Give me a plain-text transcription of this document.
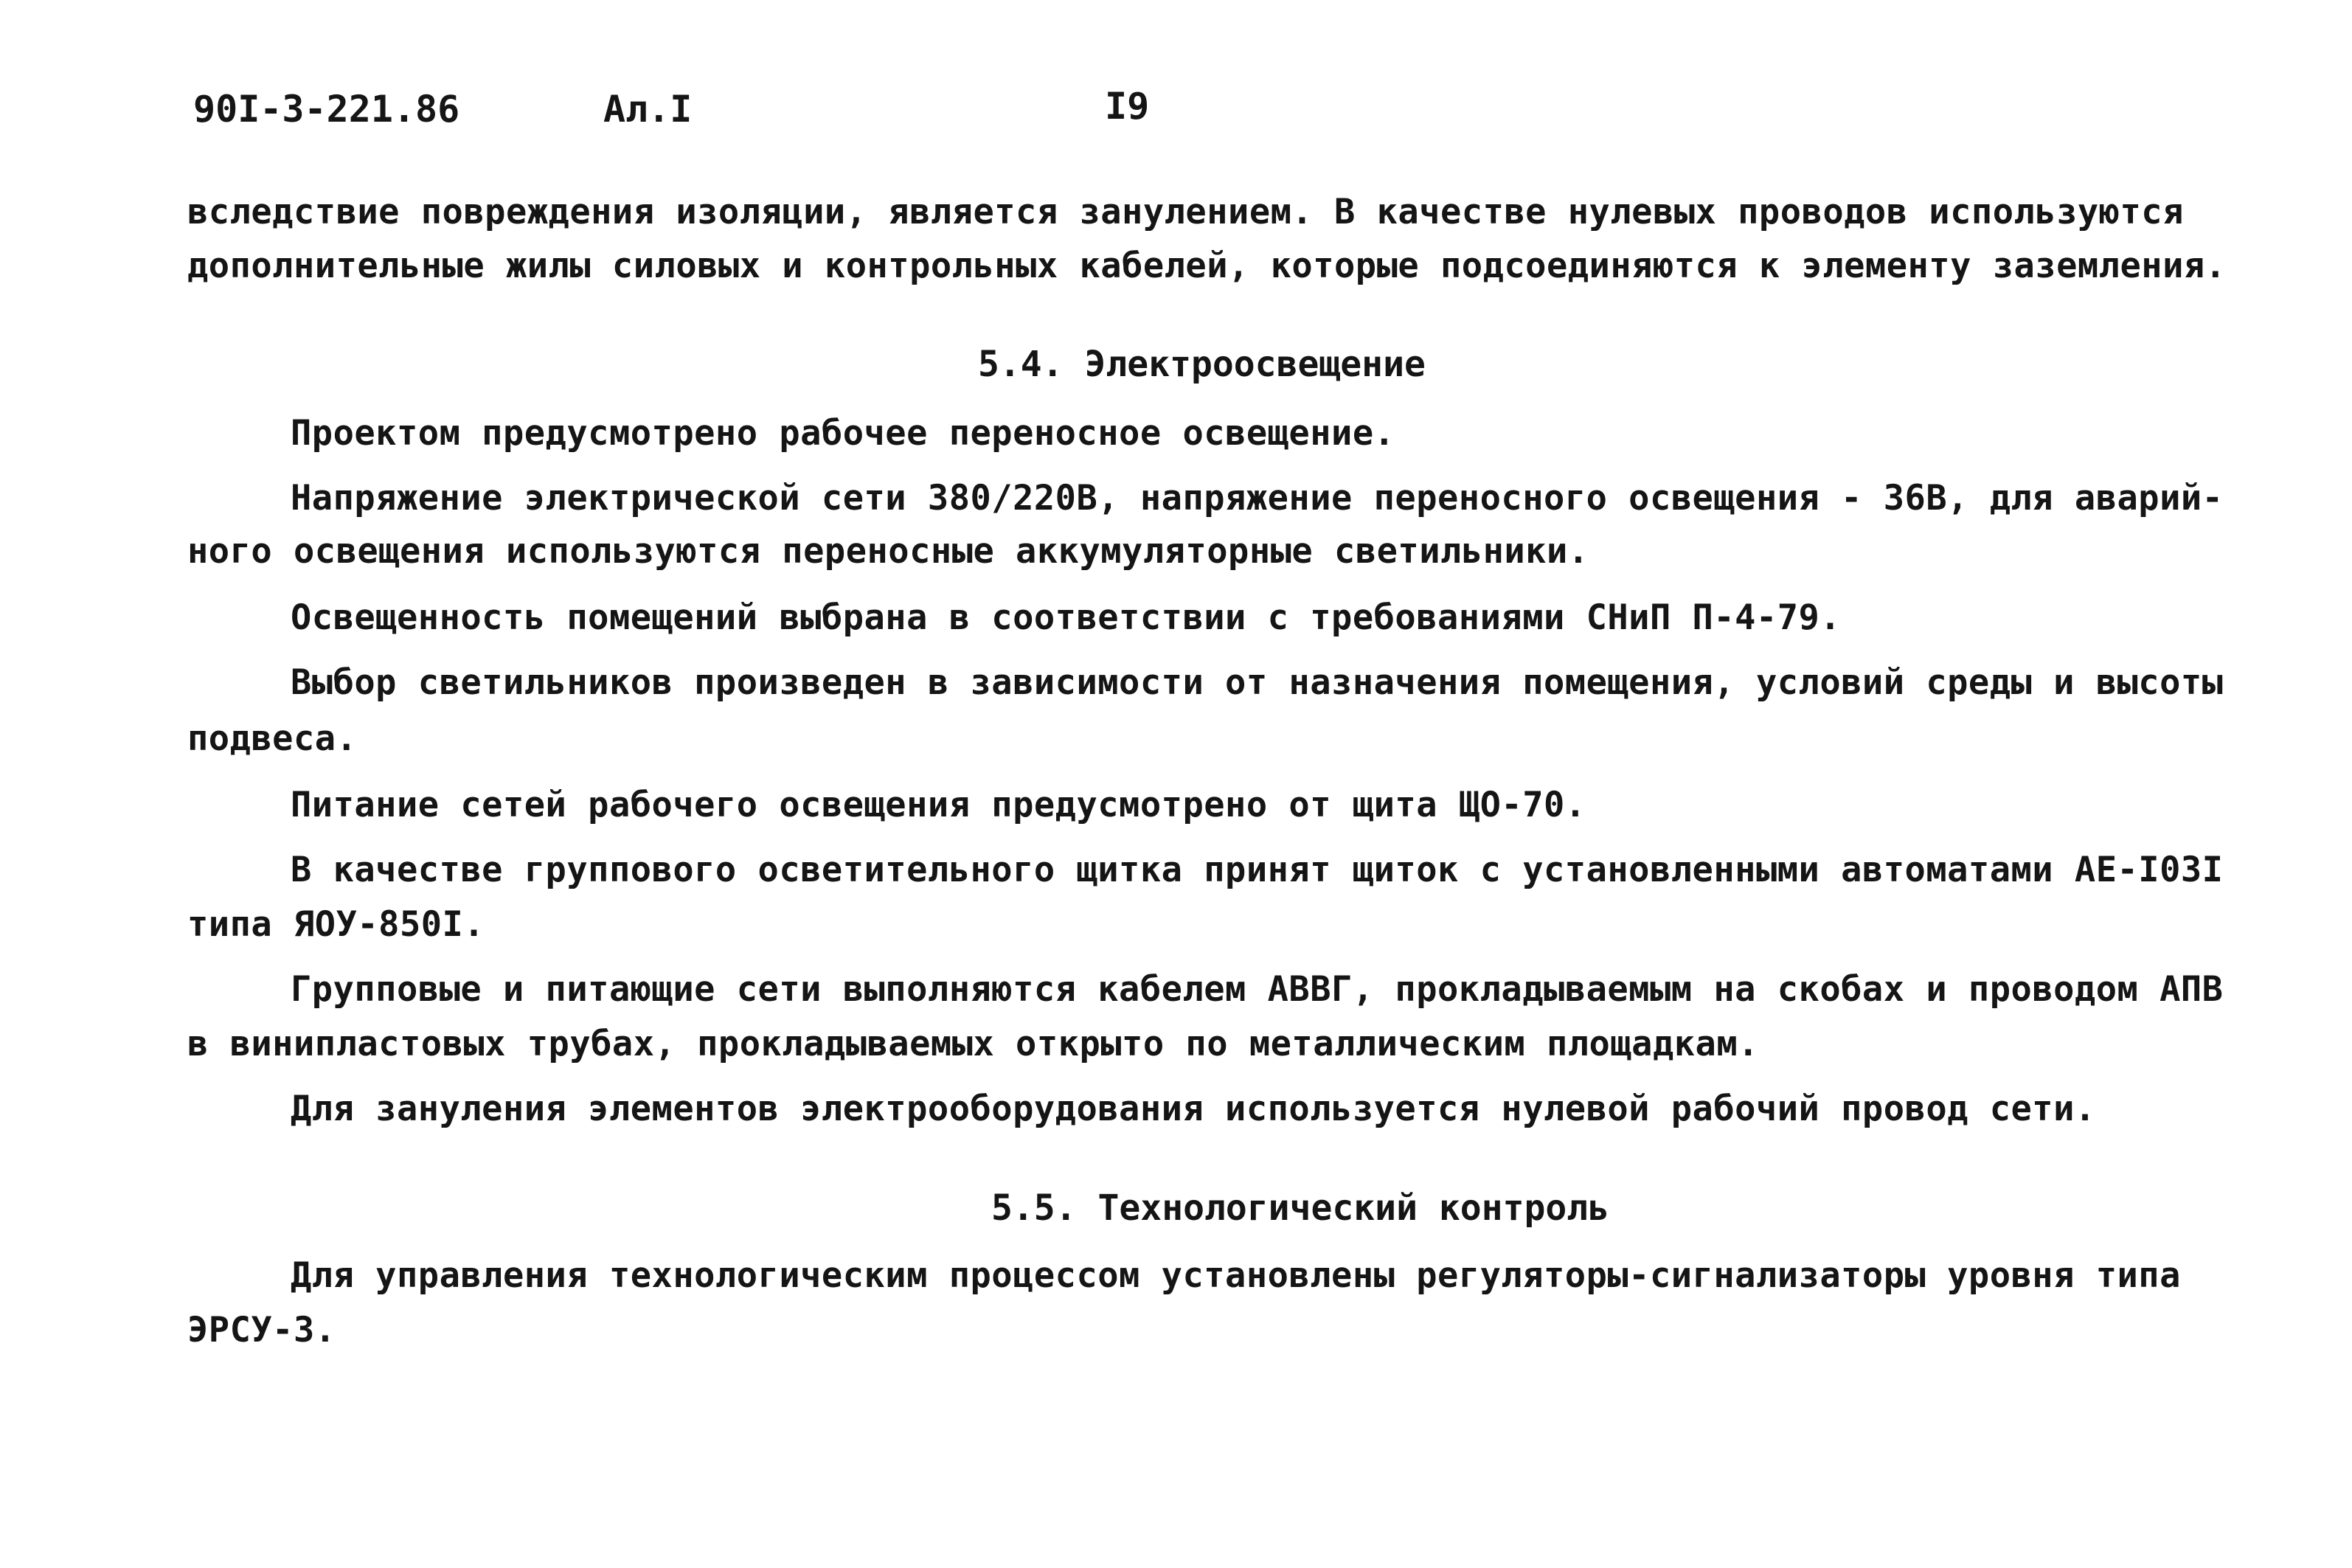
90I-3-221.86	Ал.I	I9
вследствие повреждения изоляции, является занулением. В качестве нулевых проводов используются
дополнительные жилы силовых и контрольных кабелей, которые подсоединяются к элементу заземления.
5.4. Электроосвещение
Проектом предусмотрено рабочее переносное освещение.
Напряжение электрической сети 380/220В, напряжение переносного освещения - 36В, для аварий-
ного освещения используются переносные аккумуляторные светильники.
Освещенность помещений выбрана в соответствии с требованиями СНиП П-4-79.
Выбор светильников произведен в зависимости от назначения помещения, условий среды и высоты
подвеса.
Питание сетей рабочего освещения предусмотрено от щита ЩО-70.
В качестве группового осветительного щитка принят щиток с установленными автоматами АЕ-I03I
типа ЯОУ-850I.
Групповые и питающие сети выполняются кабелем АВВГ, прокладываемым на скобах и проводом АПВ
в винипластовых трубах, прокладываемых открыто по металлическим площадкам.
Для зануления элементов электрооборудования используется нулевой рабочий провод сети.
5.5. Технологический контроль
Для управления технологическим процессом установлены регуляторы-сигнализаторы уровня типа
ЭРСУ-3.
